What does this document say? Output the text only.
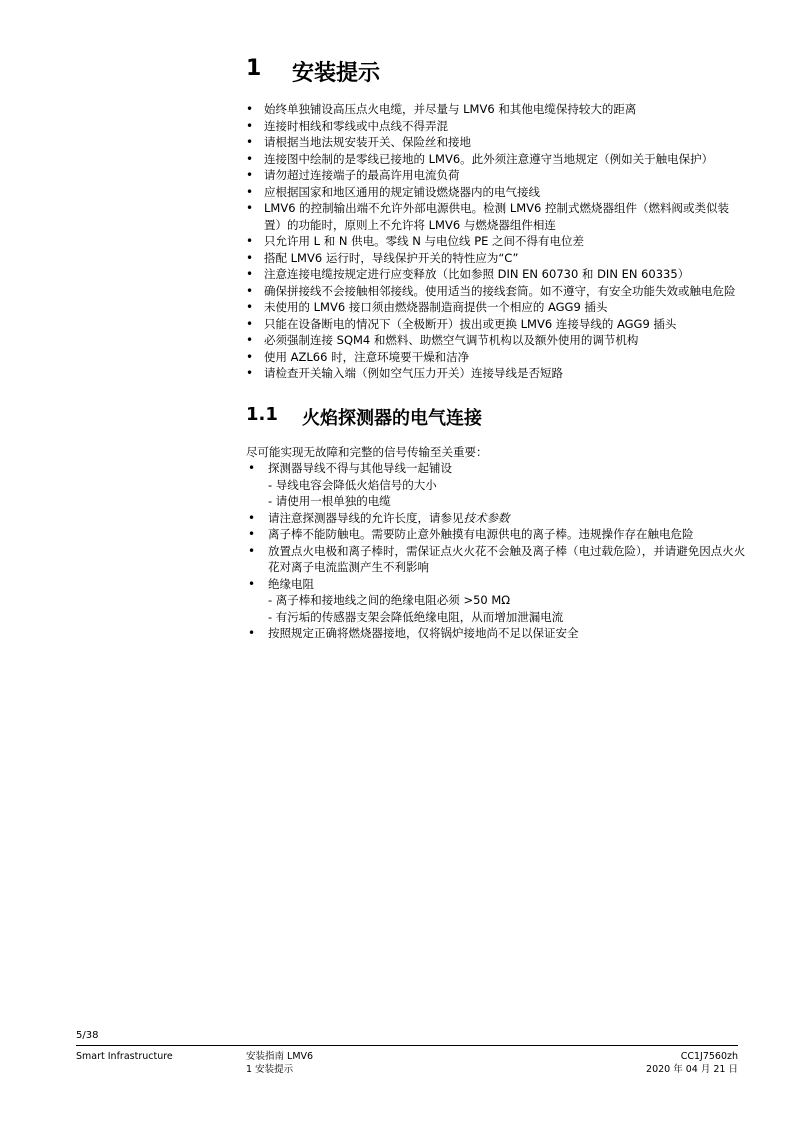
1	安装提示
• 始终单独铺设高压点火电缆，并尽量与 LMV6 和其他电缆保持较大的距离
• 连接时相线和零线或中点线不得弄混
• 请根据当地法规安装开关、保险丝和接地
• 连接图中绘制的是零线已接地的 LMV6。此外须注意遵守当地规定（例如关于触电保护）
• 请勿超过连接端子的最高许用电流负荷
• 应根据国家和地区通用的规定铺设燃烧器内的电气接线
• LMV6 的控制输出端不允许外部电源供电。检测 LMV6 控制式燃烧器组件（燃料阀或类似装置）的功能时，原则上不允许将 LMV6 与燃烧器组件相连
• 只允许用 L 和 N 供电。零线 N 与电位线 PE 之间不得有电位差
• 搭配 LMV6 运行时，导线保护开关的特性应为“C”
• 注意连接电缆按规定进行应变释放（比如参照 DIN EN 60730 和 DIN EN 60335）
• 确保拼接线不会接触相邻接线。使用适当的接线套筒。如不遵守，有安全功能失效或触电危险
• 未使用的 LMV6 接口须由燃烧器制造商提供一个相应的 AGG9 插头
• 只能在设备断电的情况下（全极断开）拔出或更换 LMV6 连接导线的 AGG9 插头
• 必须强制连接 SQM4 和燃料、助燃空气调节机构以及额外使用的调节机构
• 使用 AZL66 时，注意环境要干燥和洁净
• 请检查开关输入端（例如空气压力开关）连接导线是否短路
1.1	火焰探测器的电气连接

尽可能实现无故障和完整的信号传输至关重要：

• 探测器导线不得与其他导线一起铺设
- 导线电容会降低火焰信号的大小
- 请使用一根单独的电缆
• 请注意探测器导线的允许长度，请参见技术参数
• 离子棒不能防触电。需要防止意外触摸有电源供电的离子棒。违规操作存在触电危险
• 放置点火电极和离子棒时，需保证点火火花不会触及离子棒（电过载危险），并请避免因点火火花对离子电流监测产生不利影响
• 绝缘电阻
- 离子棒和接地线之间的绝缘电阻必须 >50 MΩ
- 有污垢的传感器支架会降低绝缘电阻，从而增加泄漏电流
• 按照规定正确将燃烧器接地，仅将锅炉接地尚不足以保证安全
5/38
Smart Infrastructure	安装指南 LMV6
1 安装提示
CC1J7560zh
2020 年 04 月 21 日
